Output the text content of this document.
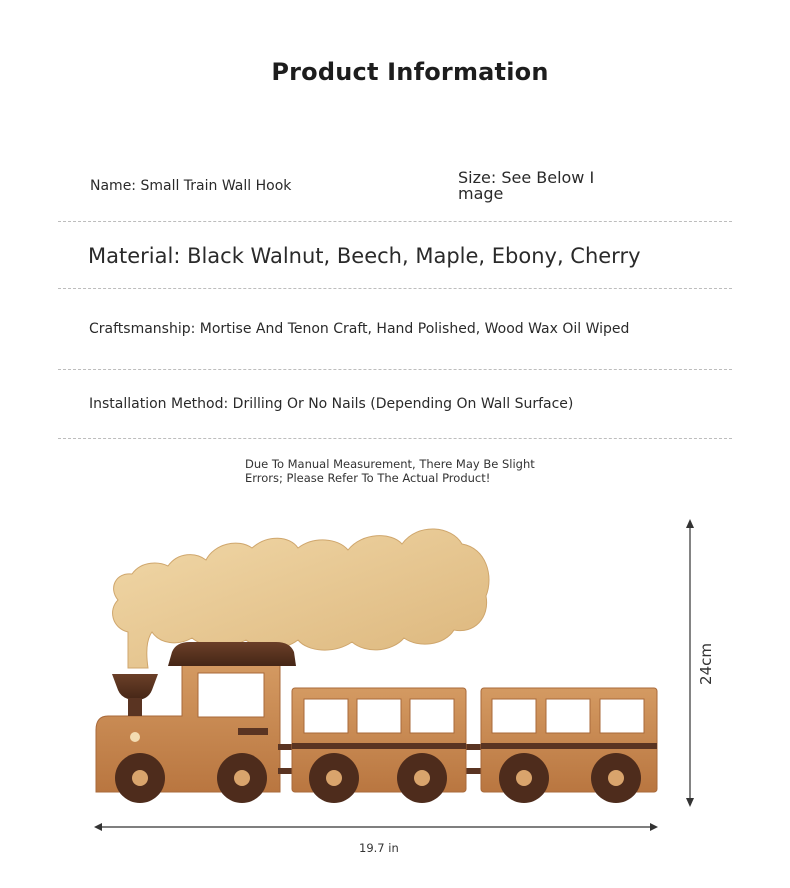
Product Information
Name: Small Train Wall Hook	Size: See Below I mage
Material: Black Walnut, Beech, Maple, Ebony, Cherry
Craftsmanship: Mortise And Tenon Craft, Hand Polished, Wood Wax Oil Wiped
Installation Method: Drilling Or No Nails (Depending On Wall Surface)
Due To Manual Measurement, There May Be Slight Errors; Please Refer To The Actual Product!
19.7 in
24cm
